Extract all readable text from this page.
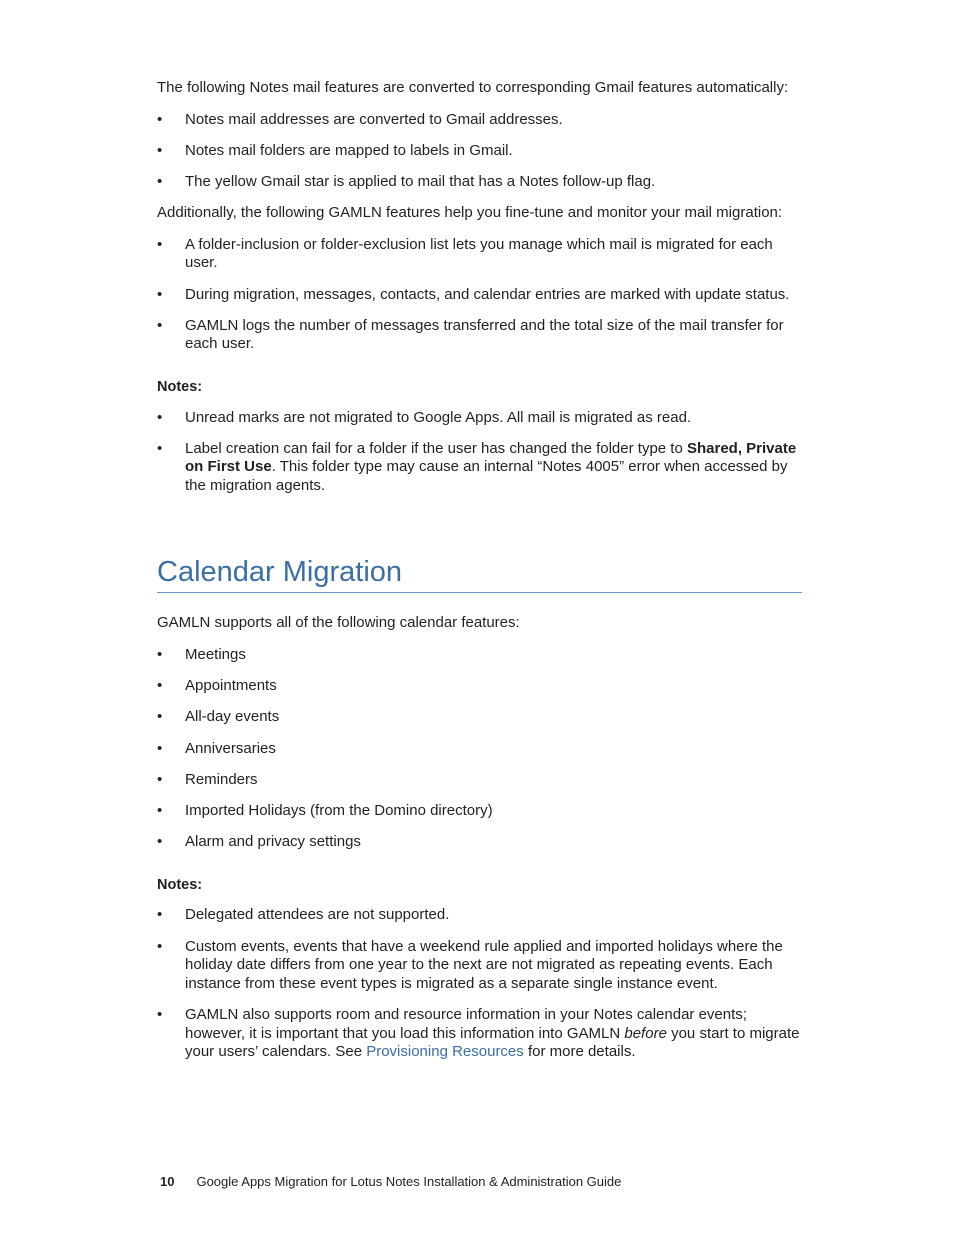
The following Notes mail features are converted to corresponding Gmail features automatically:

• Notes mail addresses are converted to Gmail addresses.
• Notes mail folders are mapped to labels in Gmail.
• The yellow Gmail star is applied to mail that has a Notes follow-up flag.

Additionally, the following GAMLN features help you fine-tune and monitor your mail migration:

• A folder-inclusion or folder-exclusion list lets you manage which mail is migrated for each user.
• During migration, messages, contacts, and calendar entries are marked with update status.
• GAMLN logs the number of messages transferred and the total size of the mail transfer for each user.

Notes:

• Unread marks are not migrated to Google Apps. All mail is migrated as read.
• Label creation can fail for a folder if the user has changed the folder type to Shared, Private on First Use. This folder type may cause an internal “Notes 4005” error when accessed by the migration agents.
Calendar Migration

GAMLN supports all of the following calendar features:

• Meetings
• Appointments
• All-day events
• Anniversaries
• Reminders
• Imported Holidays (from the Domino directory)
• Alarm and privacy settings

Notes:

• Delegated attendees are not supported.
• Custom events, events that have a weekend rule applied and imported holidays where the holiday date differs from one year to the next are not migrated as repeating events. Each instance from these event types is migrated as a separate single instance event.
• GAMLN also supports room and resource information in your Notes calendar events; however, it is important that you load this information into GAMLN before you start to migrate your users’ calendars. See Provisioning Resources for more details.
10 Google Apps Migration for Lotus Notes Installation & Administration Guide
